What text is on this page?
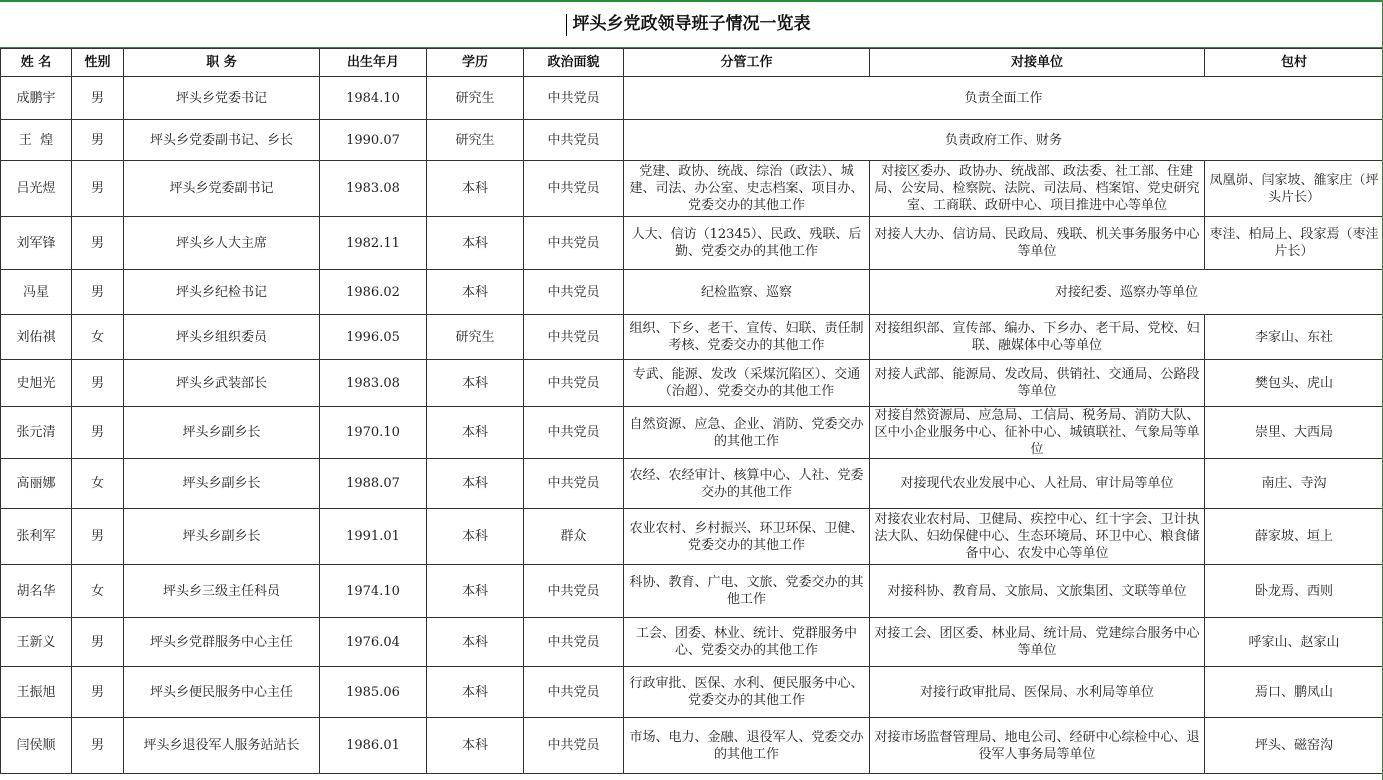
坪头乡党政领导班子情况一览表
姓 名	性别	职 务	出生年月	学历	政治面貌	分管工作	对接单位	包村
成鹏宇	男	坪头乡党委书记	1984.10	研究生	中共党员	负责全面工作		
王  煌	男	坪头乡党委副书记、乡长	1990.07	研究生	中共党员	负责政府工作、财务		
吕光煜	男	坪头乡党委副书记	1983.08	本科	中共党员	党建、政协、统战、综治（政法）、城建、司法、办公室、史志档案、项目办、党委交办的其他工作	对接区委办、政协办、统战部、政法委、社工部、住建局、公安局、检察院、法院、司法局、档案馆、党史研究室、工商联、政研中心、项目推进中心等单位	凤凰峁、闫家坡、雒家庄（坪头片长）
刘军锋	男	坪头乡人大主席	1982.11	本科	中共党员	人大、信访（12345）、民政、残联、后勤、党委交办的其他工作	对接人大办、信访局、民政局、残联、机关事务服务中心等单位	枣洼、柏局上、段家焉（枣洼片长）
冯星	男	坪头乡纪检书记	1986.02	本科	中共党员	纪检监察、巡察	对接纪委、巡察办等单位	
刘佑祺	女	坪头乡组织委员	1996.05	研究生	中共党员	组织、下乡、老干、宣传、妇联、责任制考核、党委交办的其他工作	对接组织部、宣传部、编办、下乡办、老干局、党校、妇联、融媒体中心等单位	李家山、东社
史旭光	男	坪头乡武装部长	1983.08	本科	中共党员	专武、能源、发改（采煤沉陷区）、交通（治超）、党委交办的其他工作	对接人武部、能源局、发改局、供销社、交通局、公路段等单位	樊包头、虎山
张元清	男	坪头乡副乡长	1970.10	本科	中共党员	自然资源、应急、企业、消防、党委交办的其他工作	对接自然资源局、应急局、工信局、税务局、消防大队、区中小企业服务中心、征补中心、城镇联社、气象局等单位	崇里、大西局
高丽娜	女	坪头乡副乡长	1988.07	本科	中共党员	农经、农经审计、核算中心、人社、党委交办的其他工作	对接现代农业发展中心、人社局、审计局等单位	南庄、寺沟
张利军	男	坪头乡副乡长	1991.01	本科	群众	农业农村、乡村振兴、环卫环保、卫健、党委交办的其他工作	对接农业农村局、卫健局、疾控中心、红十字会、卫计执法大队、妇幼保健中心、生态环境局、环卫中心、粮食储备中心、农发中心等单位	薛家坡、垣上
胡名华	女	坪头乡三级主任科员	1974.10	本科	中共党员	科协、教育、广电、文旅、党委交办的其他工作	对接科协、教育局、文旅局、文旅集团、文联等单位	卧龙焉、西则
王新义	男	坪头乡党群服务中心主任	1976.04	本科	中共党员	工会、团委、林业、统计、党群服务中心、党委交办的其他工作	对接工会、团区委、林业局、统计局、党建综合服务中心等单位	呼家山、赵家山
王振旭	男	坪头乡便民服务中心主任	1985.06	本科	中共党员	行政审批、医保、水利、便民服务中心、党委交办的其他工作	对接行政审批局、医保局、水利局等单位	焉口、鹏凤山
闫侯顺	男	坪头乡退役军人服务站站长	1986.01	本科	中共党员	市场、电力、金融、退役军人、党委交办的其他工作	对接市场监督管理局、地电公司、经研中心综检中心、退役军人事务局等单位	坪头、磁窑沟
